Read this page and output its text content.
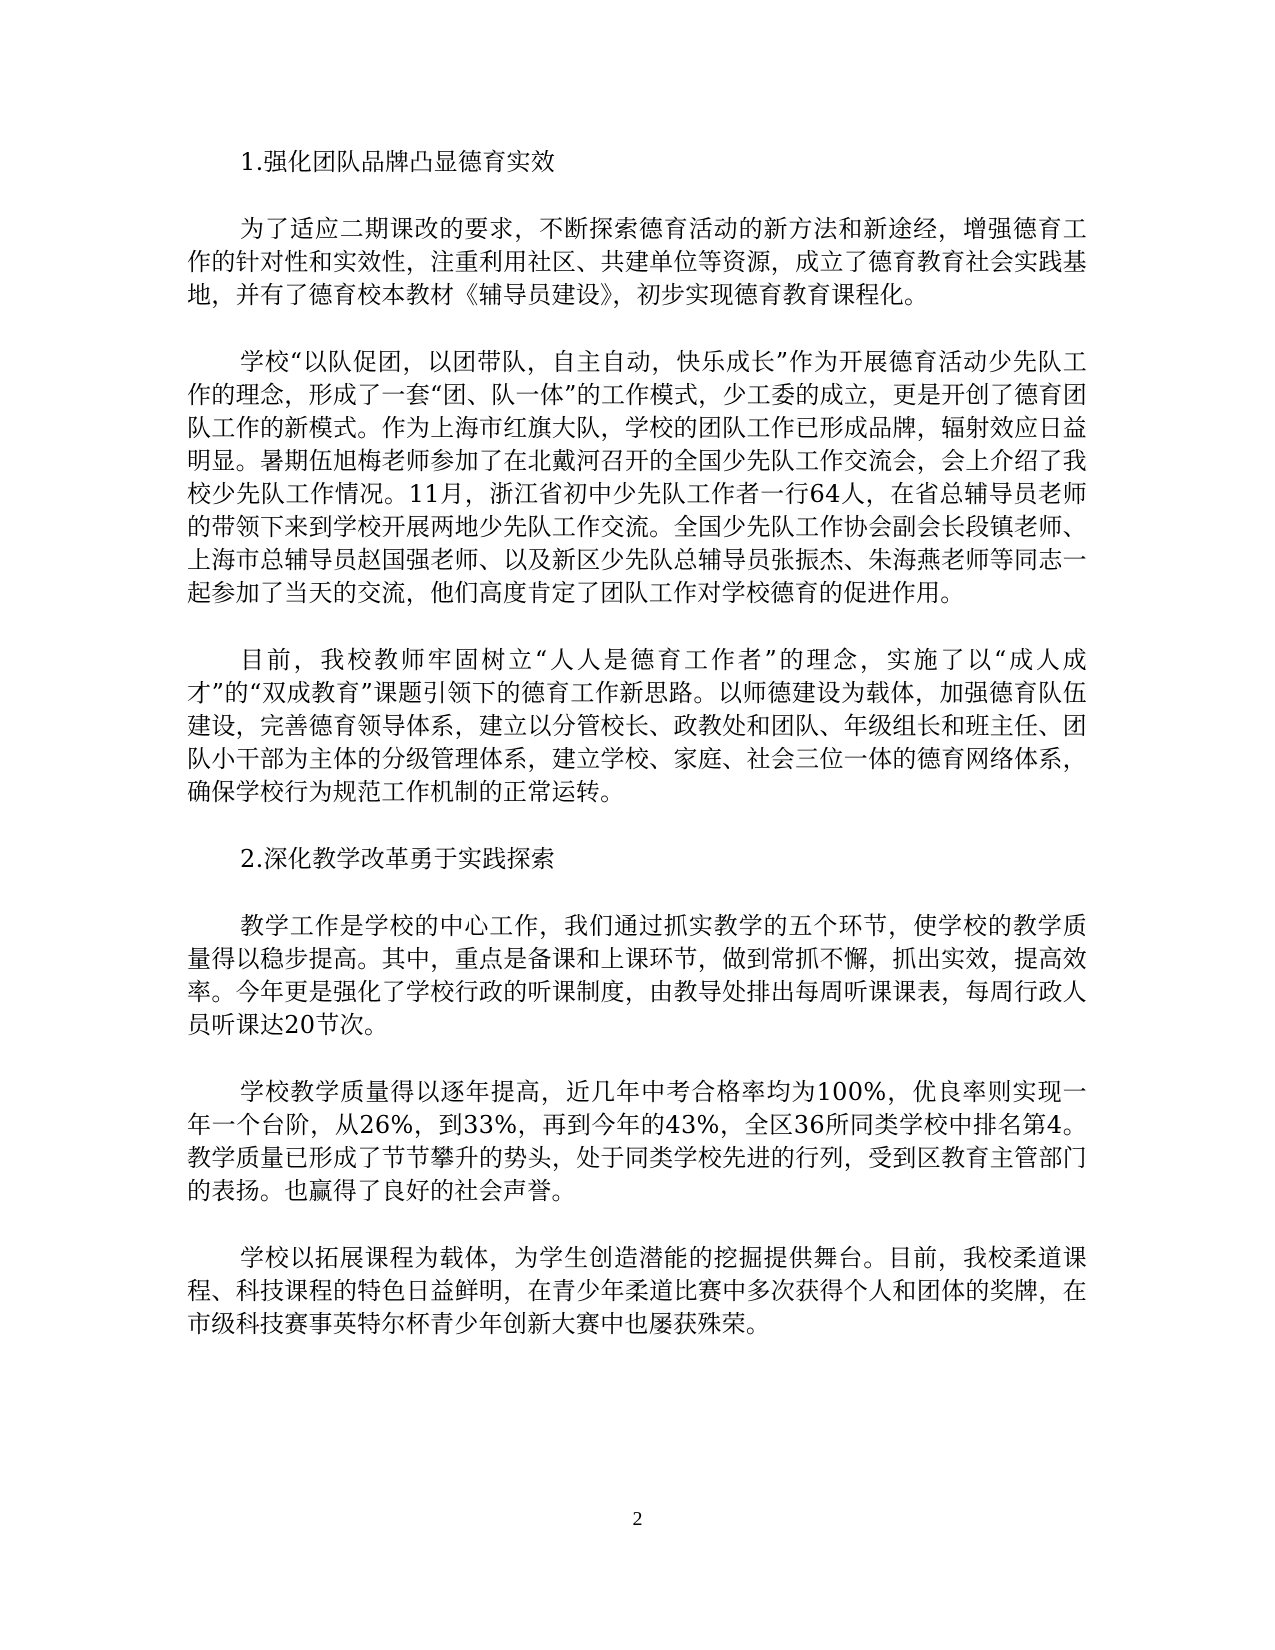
1.强化团队品牌凸显德育实效
为了适应二期课改的要求，不断探索德育活动的新方法和新途经，增强德育工作的针对性和实效性，注重利用社区、共建单位等资源，成立了德育教育社会实践基地，并有了德育校本教材《辅导员建设》，初步实现德育教育课程化。
学校“以队促团，以团带队，自主自动，快乐成长”作为开展德育活动少先队工作的理念，形成了一套“团、队一体”的工作模式，少工委的成立，更是开创了德育团队工作的新模式。作为上海市红旗大队，学校的团队工作已形成品牌，辐射效应日益明显。暑期伍旭梅老师参加了在北戴河召开的全国少先队工作交流会，会上介绍了我校少先队工作情况。11月，浙江省初中少先队工作者一行64人，在省总辅导员老师的带领下来到学校开展两地少先队工作交流。全国少先队工作协会副会长段镇老师、上海市总辅导员赵国强老师、以及新区少先队总辅导员张振杰、朱海燕老师等同志一起参加了当天的交流，他们高度肯定了团队工作对学校德育的促进作用。
目前，我校教师牢固树立“人人是德育工作者”的理念，实施了以“成人成才”的“双成教育”课题引领下的德育工作新思路。以师德建设为载体，加强德育队伍建设，完善德育领导体系，建立以分管校长、政教处和团队、年级组长和班主任、团队小干部为主体的分级管理体系，建立学校、家庭、社会三位一体的德育网络体系，确保学校行为规范工作机制的正常运转。
2.深化教学改革勇于实践探索
教学工作是学校的中心工作，我们通过抓实教学的五个环节，使学校的教学质量得以稳步提高。其中，重点是备课和上课环节，做到常抓不懈，抓出实效，提高效率。今年更是强化了学校行政的听课制度，由教导处排出每周听课课表，每周行政人员听课达20节次。
学校教学质量得以逐年提高，近几年中考合格率均为100%，优良率则实现一年一个台阶，从26%，到33%，再到今年的43%，全区36所同类学校中排名第4。教学质量已形成了节节攀升的势头，处于同类学校先进的行列，受到区教育主管部门的表扬。也赢得了良好的社会声誉。
学校以拓展课程为载体，为学生创造潜能的挖掘提供舞台。目前，我校柔道课程、科技课程的特色日益鲜明，在青少年柔道比赛中多次获得个人和团体的奖牌，在市级科技赛事英特尔杯青少年创新大赛中也屡获殊荣。
2
